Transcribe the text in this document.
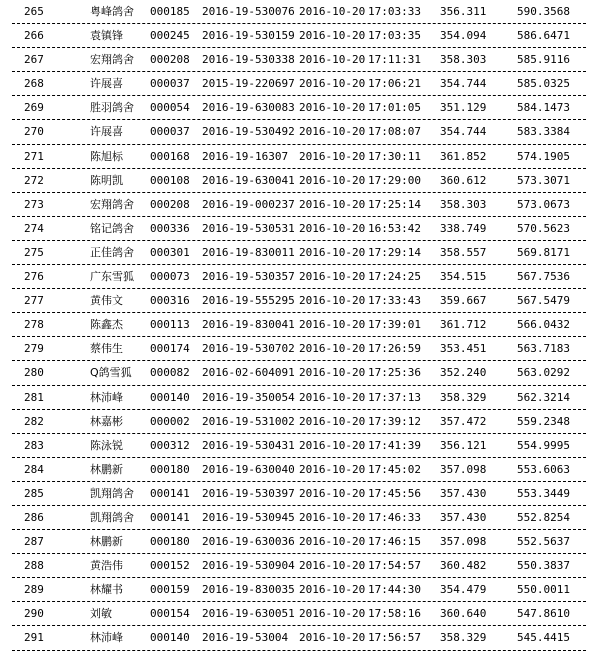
265	粤峰鸽舍 000185 2016-19-530076 2016-10-20 17:03:33 356.311	590.3568
266	袁镇锋 000245 2016-19-530159 2016-10-20 17:03:35 354.094	586.6471
267	宏翔鸽舍 000208 2016-19-530338 2016-10-20 17:11:31 358.303	585.9116
268	许展喜 000037 2015-19-220697 2016-10-20 17:06:21 354.744	585.0325
269	胜羽鸽舍 000054 2016-19-630083 2016-10-20 17:01:05 351.129	584.1473
270	许展喜 000037 2016-19-530492 2016-10-20 17:08:07 354.744	583.3384
271	陈旭标 000168 2016-19-16307 2016-10-20 17:30:11 361.852	574.1905
272	陈明凯 000108 2016-19-630041 2016-10-20 17:29:00 360.612	573.3071
273	宏翔鸽舍 000208 2016-19-000237 2016-10-20 17:25:14 358.303	573.0673
274	铭记鸽舍 000336 2016-19-530531 2016-10-20 16:53:42 338.749	570.5623
275	正佳鸽舍 000301 2016-19-830011 2016-10-20 17:29:14 358.557	569.8171
276	广东雪狐 000073 2016-19-530357 2016-10-20 17:24:25 354.515	567.7536
277	黄伟文 000316 2016-19-555295 2016-10-20 17:33:43 359.667	567.5479
278	陈鑫杰 000113 2016-19-830041 2016-10-20 17:39:01 361.712	566.0432
279	蔡伟生 000174 2016-19-530702 2016-10-20 17:26:59 353.451	563.7183
280	Q鸽雪狐 000082 2016-02-604091 2016-10-20 17:25:36 352.240	563.0292
281	林沛峰 000140 2016-19-350054 2016-10-20 17:37:13 358.329	562.3214
282	林嘉彬 000002 2016-19-531002 2016-10-20 17:39:12 357.472	559.2348
283	陈泳锐 000312 2016-19-530431 2016-10-20 17:41:39 356.121	554.9995
284	林鹏新 000180 2016-19-630040 2016-10-20 17:45:02 357.098	553.6063
285	凯翔鸽舍 000141 2016-19-530397 2016-10-20 17:45:56 357.430	553.3449
286	凯翔鸽舍 000141 2016-19-530945 2016-10-20 17:46:33 357.430	552.8254
287	林鹏新 000180 2016-19-630036 2016-10-20 17:46:15 357.098	552.5637
288	黄浩伟 000152 2016-19-530904 2016-10-20 17:54:57 360.482	550.3837
289	林耀书 000159 2016-19-830035 2016-10-20 17:44:30 354.479	550.0011
290	刘敏	000154 2016-19-630051 2016-10-20 17:58:16 360.640	547.8610
291	林沛峰 000140 2016-19-53004 2016-10-20 17:56:57 358.329	545.4415
